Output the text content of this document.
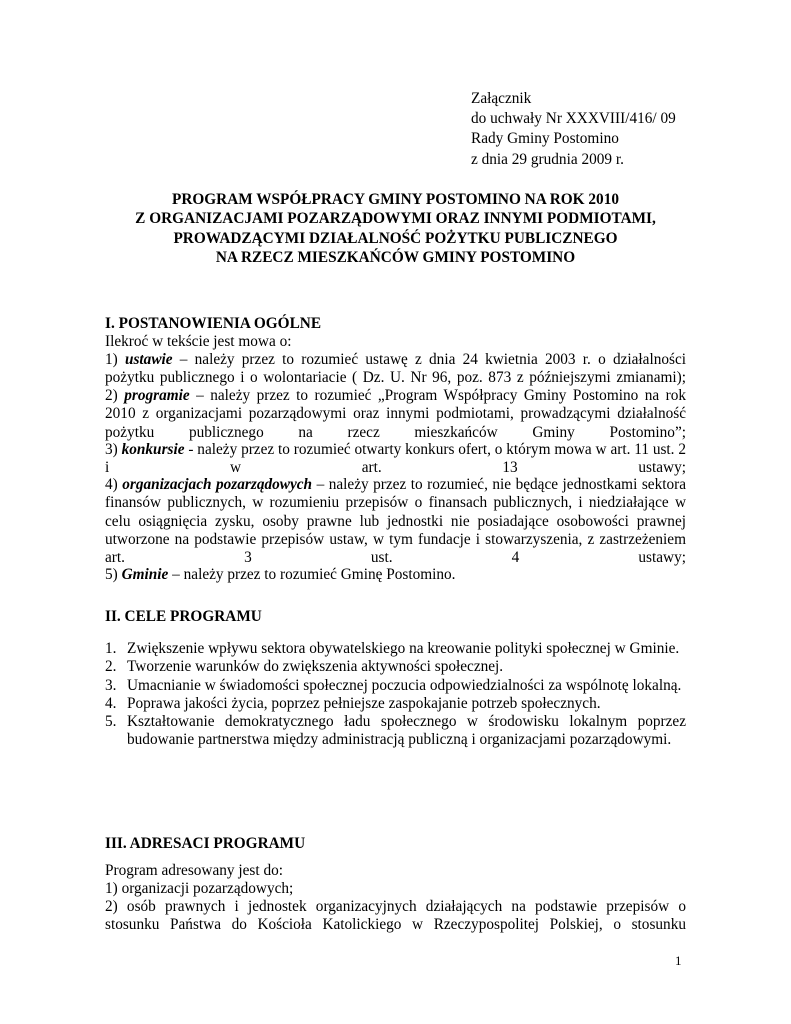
Załącznik
do uchwały Nr XXXVIII/416/ 09
Rady Gminy Postomino
z dnia 29 grudnia 2009 r.
PROGRAM WSPÓŁPRACY GMINY POSTOMINO NA ROK 2010
Z ORGANIZACJAMI POZARZĄDOWYMI ORAZ INNYMI PODMIOTAMI,
PROWADZĄCYMI DZIAŁALNOŚĆ POŻYTKU PUBLICZNEGO
NA RZECZ MIESZKAŃCÓW GMINY POSTOMINO
I. POSTANOWIENIA OGÓLNE

Ilekroć w tekście jest mowa o:

1) ustawie – należy przez to rozumieć ustawę z dnia 24 kwietnia 2003 r. o działalności pożytku publicznego i o wolontariacie ( Dz. U. Nr 96, poz. 873 z późniejszymi zmianami);

2) programie – należy przez to rozumieć „Program Współpracy Gminy Postomino na rok 2010 z organizacjami pozarządowymi oraz innymi podmiotami, prowadzącymi działalność pożytku publicznego na rzecz mieszkańców Gminy Postomino”;

3) konkursie - należy przez to rozumieć otwarty konkurs ofert, o którym mowa w art. 11 ust. 2 i w art. 13 ustawy;

4) organizacjach pozarządowych – należy przez to rozumieć, nie będące jednostkami sektora finansów publicznych, w rozumieniu przepisów o finansach publicznych, i niedziałające w celu osiągnięcia zysku, osoby prawne lub jednostki nie posiadające osobowości prawnej utworzone na podstawie przepisów ustaw, w tym fundacje i stowarzyszenia, z zastrzeżeniem art. 3 ust. 4 ustawy;

5) Gminie – należy przez to rozumieć Gminę Postomino.

II. CELE PROGRAMU
1. Zwiększenie wpływu sektora obywatelskiego na kreowanie polityki społecznej w Gminie.
2. Tworzenie warunków do zwiększenia aktywności społecznej.
3. Umacnianie w świadomości społecznej poczucia odpowiedzialności za wspólnotę lokalną.
4. Poprawa jakości życia, poprzez pełniejsze zaspokajanie potrzeb społecznych.
5. Kształtowanie demokratycznego ładu społecznego w środowisku lokalnym poprzez budowanie partnerstwa między administracją publiczną i organizacjami pozarządowymi.
III. ADRESACI PROGRAMU

Program adresowany jest do:

1) organizacji pozarządowych;

2) osób prawnych i jednostek organizacyjnych działających na podstawie przepisów o stosunku Państwa do Kościoła Katolickiego w Rzeczypospolitej Polskiej, o stosunku

1
